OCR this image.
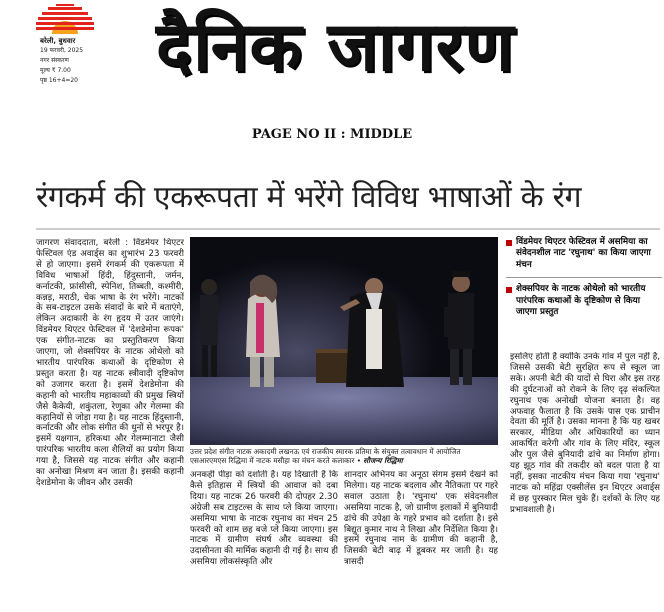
बरेली, बुधवार
19 फरवरी, 2025
नगर संस्करण
मूल्य ₹ 7.00
पृष्ठ 16+4=20 दैनिक जागरण
PAGE NO II : MIDDLE
रंगकर्म की एकरूपता में भरेंगे विविध भाषाओं के रंग
जागरण संवाददाता, बरेली : विंडमेयर थिएटर फेस्टिवल एंड अवार्ड्स का शुभारंभ 23 फरवरी से हो जाएगा। इसमें रंगकर्म की एकरूपता में विविध भाषाओं हिंदी, हिंदुस्तानी, जर्मन, कर्नाटकी, फ्रांसीसी, स्पेनिश, तिब्बती, कश्मीरी, कन्नड़, मराठी, चेक भाषा के रंग भरेंगे। नाटकों के सब-टाइटल उसके संवादों के बारे में बताएंगे, लेकिन अदाकारी के रंग हृदय में उतर जाएंगे। विंडमेयर थिएटर फेस्टिवल में 'देशडेमोना रूपक' एक संगीत-नाटक का प्रस्तुतिकरण किया जाएगा, जो शेक्सपियर के नाटक ओथेलो को भारतीय पारंपरिक कथाओं के दृष्टिकोण से प्रस्तुत करता है। यह नाटक स्त्रीवादी दृष्टिकोण को उजागर करता है। इसमें देशडेमोना की कहानी को भारतीय महाकाव्यों की प्रमुख स्त्रियों जैसे कैकेयी, शकुंतला, रेणुका और गेलम्मा की कहानियों से जोड़ा गया है। यह नाटक हिंदुस्तानी, कर्नाटकी और लोक संगीत की धुनों से भरपूर है। इसमें यक्षगान, हरिकथा और गेलम्मानाटा जैसी पारंपरिक भारतीय कला शैलियों का प्रयोग किया गया है, जिससे यह नाटक संगीत और कहानी का अनोखा मिश्रण बन जाता है। इसकी कहानी देशडेमोना के जीवन और उसकी
उत्तर प्रदेश संगीत नाटक अकादमी लखनऊ एवं राजकीय स्मारक प्रतिमा के संयुक्त तत्वावधान में आयोजित एसआरएमएस रिद्धिमा में नाटक मसीहा का मंचन करते कलाकार • सौजन्य रिद्धिमा
विंडमेयर थिएटर फेस्टिवल में असमिया का संवेदनशील नाट 'रघुनाथ' का किया जाएगा मंचन
शेक्सपियर के नाटक ओथेलो को भारतीय पारंपरिक कथाओं के दृष्टिकोण से किया जाएगा प्रस्तुत
अनकही पीड़ा को दर्शाती है। यह दिखाती है कि कैसे इतिहास में स्त्रियों की आवाज को दबा दिया। यह नाटक 26 फरवरी की दोपहर 2.30 अंग्रेजी सब टाइटल्स के साथ प्ले किया जाएगा। असमिया भाषा के नाटक रघुनाथ का मंचन 25 फरवरी को शाम छह बजे प्ले किया जाएगा। इस नाटक में ग्रामीण संघर्ष और व्यवस्था की उदासीनता की मार्मिक कहानी दी गई है। साथ ही असमिया लोकसंस्कृति और
शानदार अभिनय का अनूठा संगम इसमें देखने को मिलेगा। यह नाटक बदलाव और नैतिकता पर गहरे सवाल उठाता है। 'रघुनाथ' एक संवेदनशील असमिया नाटक है, जो ग्रामीण इलाकों में बुनियादी ढांचे की उपेक्षा के गहरे प्रभाव को दर्शाता है। इसे बिद्युत कुमार नाथ ने लिखा और निर्देशित किया है। इसमें रघुनाथ नाम के ग्रामीण की कहानी है, जिसकी बेटी बाढ़ में डूबकर मर जाती है। यह त्रासदी
इसलिए होती है क्योंकि उनके गांव में पुल नहीं है, जिससे उसकी बेटी सुरक्षित रूप से स्कूल जा सके। अपनी बेटी की यादों से घिरा और इस तरह की दुर्घटनाओं को रोकने के लिए दृढ़ संकल्पित रघुनाथ एक अनोखी योजना बनाता है। वह अफवाह फैलाता है कि उसके पास एक प्राचीन देवता की मूर्ति है। उसका मानना है कि यह खबर सरकार, मीडिया और अधिकारियों का ध्यान आकर्षित करेगी और गांव के लिए मंदिर, स्कूल और पुल जैसे बुनियादी ढांचे का निर्माण होगा। यह झूठ गांव की तकदीर को बदल पाता है या नहीं, इसका नाटकीय मंचन किया गया 'रघुनाथ' नाटक को महिंद्रा एक्सीलेंस इन थिएटर अवार्ड्स में छह पुरस्कार मिल चुके हैं। दर्शकों के लिए यह प्रभावशाली है।
